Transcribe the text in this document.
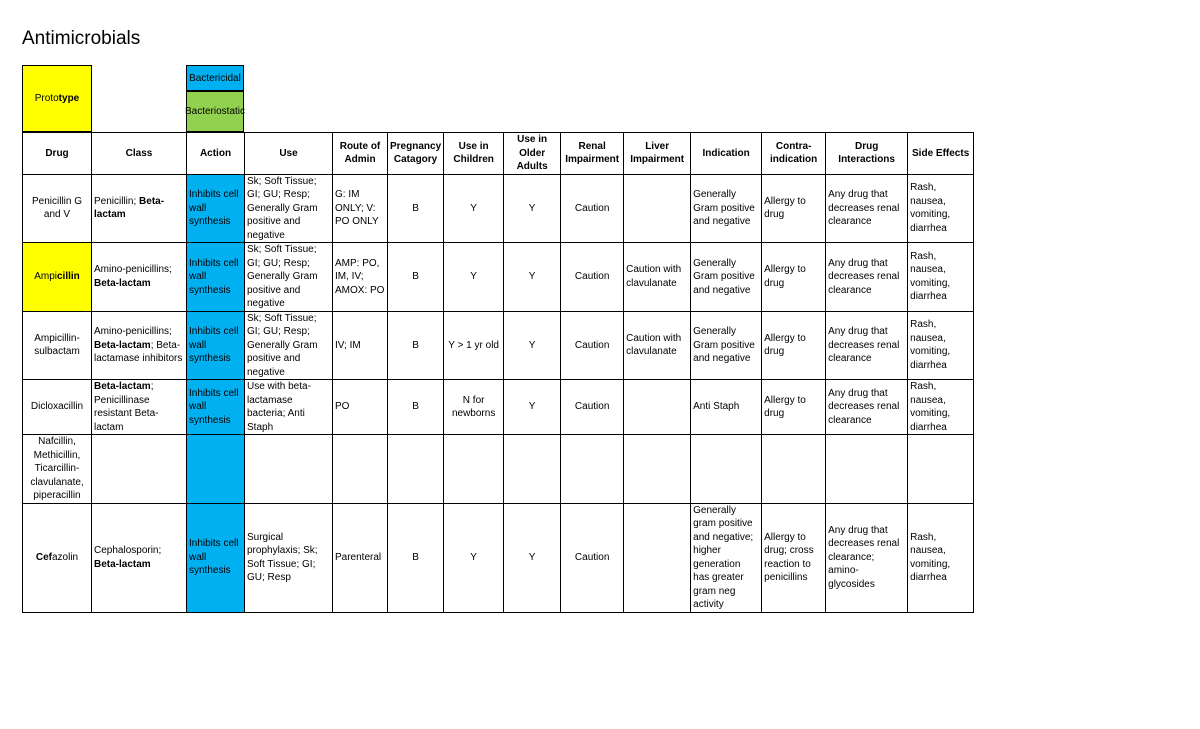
Antimicrobials
Prototype
Bactericidal
Bacteriostatic
Drug	Class	Action	Use	Route of Admin	Pregnancy Catagory	Use in Children	Use in Older Adults	Renal Impairment	Liver Impairment	Indication	Contra-indication	Drug Interactions	Side Effects
Penicillin G and V	Penicillin; Beta-lactam	Inhibits cell wall synthesis	Sk; Soft Tissue; GI; GU; Resp; Generally Gram positive and negative	G: IM ONLY; V: PO ONLY	B	Y	Y	Caution		Generally Gram positive and negative	Allergy to drug	Any drug that decreases renal clearance	Rash, nausea, vomiting, diarrhea
Ampicillin	Amino-penicillins; Beta-lactam	Inhibits cell wall synthesis	Sk; Soft Tissue; GI; GU; Resp; Generally Gram positive and negative	AMP: PO, IM, IV; AMOX: PO	B	Y	Y	Caution	Caution with clavulanate	Generally Gram positive and negative	Allergy to drug	Any drug that decreases renal clearance	Rash, nausea, vomiting, diarrhea
Ampicillin-sulbactam	Amino-penicillins; Beta-lactam; Beta-lactamase inhibitors	Inhibits cell wall synthesis	Sk; Soft Tissue; GI; GU; Resp; Generally Gram positive and negative	IV; IM	B	Y > 1 yr old	Y	Caution	Caution with clavulanate	Generally Gram positive and negative	Allergy to drug	Any drug that decreases renal clearance	Rash, nausea, vomiting, diarrhea
Dicloxacillin	Beta-lactam; Penicillinase resistant Beta-lactam	Inhibits cell wall synthesis	Use with beta-lactamase bacteria; Anti Staph	PO	B	N for newborns	Y	Caution		Anti Staph	Allergy to drug	Any drug that decreases renal clearance	Rash, nausea, vomiting, diarrhea
Nafcillin, Methicillin, Ticarcillin-clavulanate, piperacillin													
Cefazolin	Cephalosporin; Beta-lactam	Inhibits cell wall synthesis	Surgical prophylaxis; Sk; Soft Tissue; GI; GU; Resp	Parenteral	B	Y	Y	Caution		Generally gram positive and negative; higher generation has greater gram neg activity	Allergy to drug; cross reaction to penicillins	Any drug that decreases renal clearance; amino-glycosides	Rash, nausea, vomiting, diarrhea
